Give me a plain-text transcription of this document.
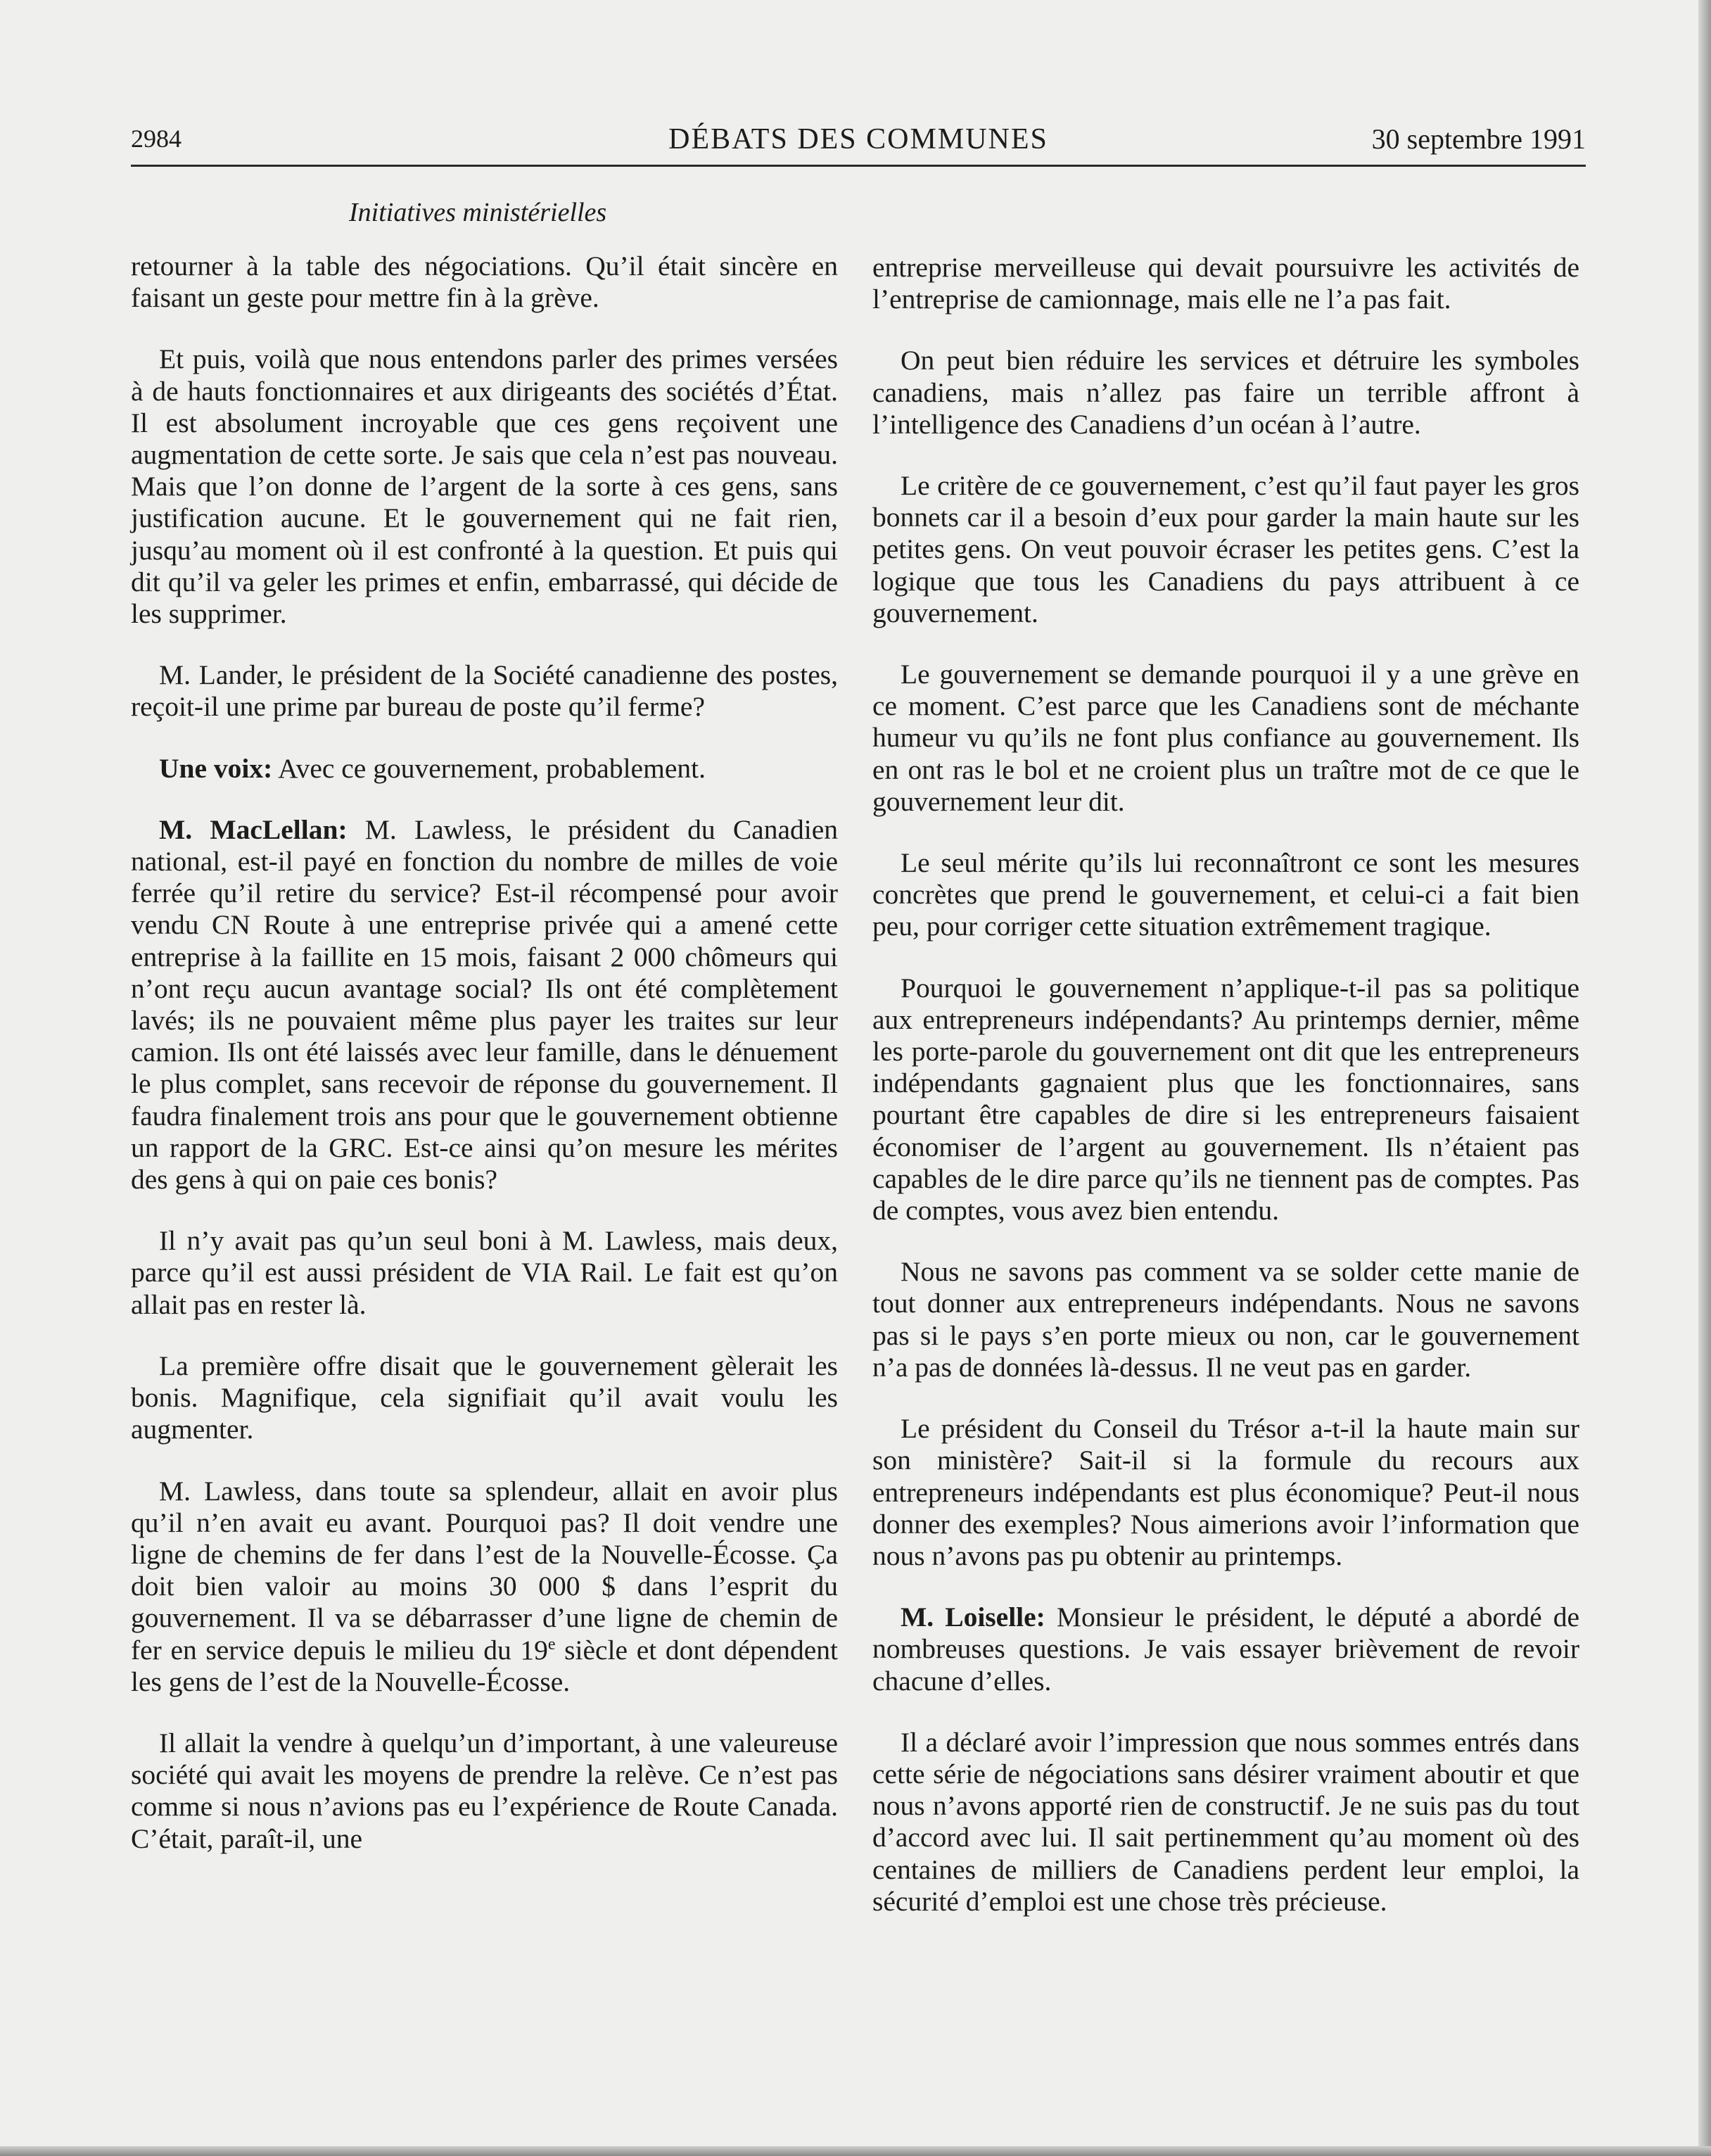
2984	DÉBATS DES COMMUNES	30 septembre 1991
Initiatives ministérielles

retourner à la table des négociations. Qu’il était sincère en faisant un geste pour mettre fin à la grève.

Et puis, voilà que nous entendons parler des primes versées à de hauts fonctionnaires et aux dirigeants des sociétés d’État. Il est absolument incroyable que ces gens reçoivent une augmentation de cette sorte. Je sais que cela n’est pas nouveau. Mais que l’on donne de l’argent de la sorte à ces gens, sans justification aucune. Et le gouvernement qui ne fait rien, jusqu’au moment où il est confronté à la question. Et puis qui dit qu’il va geler les primes et enfin, embarrassé, qui décide de les supprimer.

M. Lander, le président de la Société canadienne des postes, reçoit-il une prime par bureau de poste qu’il ferme?

Une voix: Avec ce gouvernement, probablement.

M. MacLellan: M. Lawless, le président du Canadien national, est-il payé en fonction du nombre de milles de voie ferrée qu’il retire du service? Est-il récompensé pour avoir vendu CN Route à une entreprise privée qui a amené cette entreprise à la faillite en 15 mois, faisant 2 000 chômeurs qui n’ont reçu aucun avantage social? Ils ont été complètement lavés; ils ne pouvaient même plus payer les traites sur leur camion. Ils ont été laissés avec leur famille, dans le dénuement le plus complet, sans recevoir de réponse du gouvernement. Il faudra finalement trois ans pour que le gouvernement obtienne un rapport de la GRC. Est-ce ainsi qu’on mesure les mérites des gens à qui on paie ces bonis?

Il n’y avait pas qu’un seul boni à M. Lawless, mais deux, parce qu’il est aussi président de VIA Rail. Le fait est qu’on allait pas en rester là.

La première offre disait que le gouvernement gèlerait les bonis. Magnifique, cela signifiait qu’il avait voulu les augmenter.

M. Lawless, dans toute sa splendeur, allait en avoir plus qu’il n’en avait eu avant. Pourquoi pas? Il doit vendre une ligne de chemins de fer dans l’est de la Nouvelle-Écosse. Ça doit bien valoir au moins 30 000 $ dans l’esprit du gouvernement. Il va se débarrasser d’une ligne de chemin de fer en service depuis le milieu du 19e siècle et dont dépendent les gens de l’est de la Nouvelle-Écosse.

Il allait la vendre à quelqu’un d’important, à une valeureuse société qui avait les moyens de prendre la relève. Ce n’est pas comme si nous n’avions pas eu l’expérience de Route Canada. C’était, paraît-il, une

entreprise merveilleuse qui devait poursuivre les activités de l’entreprise de camionnage, mais elle ne l’a pas fait.

On peut bien réduire les services et détruire les symboles canadiens, mais n’allez pas faire un terrible affront à l’intelligence des Canadiens d’un océan à l’autre.

Le critère de ce gouvernement, c’est qu’il faut payer les gros bonnets car il a besoin d’eux pour garder la main haute sur les petites gens. On veut pouvoir écraser les petites gens. C’est la logique que tous les Canadiens du pays attribuent à ce gouvernement.

Le gouvernement se demande pourquoi il y a une grève en ce moment. C’est parce que les Canadiens sont de méchante humeur vu qu’ils ne font plus confiance au gouvernement. Ils en ont ras le bol et ne croient plus un traître mot de ce que le gouvernement leur dit.

Le seul mérite qu’ils lui reconnaîtront ce sont les mesures concrètes que prend le gouvernement, et celui-ci a fait bien peu, pour corriger cette situation extrêmement tragique.

Pourquoi le gouvernement n’applique-t-il pas sa politique aux entrepreneurs indépendants? Au printemps dernier, même les porte-parole du gouvernement ont dit que les entrepreneurs indépendants gagnaient plus que les fonctionnaires, sans pourtant être capables de dire si les entrepreneurs faisaient économiser de l’argent au gouvernement. Ils n’étaient pas capables de le dire parce qu’ils ne tiennent pas de comptes. Pas de comptes, vous avez bien entendu.

Nous ne savons pas comment va se solder cette manie de tout donner aux entrepreneurs indépendants. Nous ne savons pas si le pays s’en porte mieux ou non, car le gouvernement n’a pas de données là-dessus. Il ne veut pas en garder.

Le président du Conseil du Trésor a-t-il la haute main sur son ministère? Sait-il si la formule du recours aux entrepreneurs indépendants est plus économique? Peut-il nous donner des exemples? Nous aimerions avoir l’information que nous n’avons pas pu obtenir au printemps.

M. Loiselle: Monsieur le président, le député a abordé de nombreuses questions. Je vais essayer brièvement de revoir chacune d’elles.

Il a déclaré avoir l’impression que nous sommes entrés dans cette série de négociations sans désirer vraiment aboutir et que nous n’avons apporté rien de constructif. Je ne suis pas du tout d’accord avec lui. Il sait pertinemment qu’au moment où des centaines de milliers de Canadiens perdent leur emploi, la sécurité d’emploi est une chose très précieuse.
